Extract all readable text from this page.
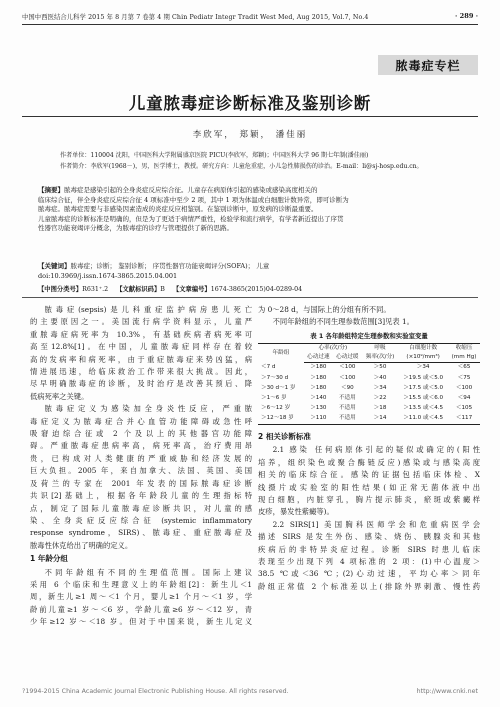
中国中西医结合儿科学 2015 年 8 月第 7 卷第 4 期 Chin Pediatr Integr Tradit West Med, Aug 2015, Vol.7, No.4	· 289 ·
脓毒症专栏
儿童脓毒症诊断标准及鉴别诊断
李欣军， 郑颖， 潘佳丽
作者单位：110004 沈阳，中国医科大学附属盛京医院 PICU(李欣军，郑颖)；中国医科大学 96 期七年制(潘佳丽)
作者简介：李欣军(1968－)，男，医学博士，教授。研究方向：儿童危重症，小儿急性肺损伤的诊治。E-mail：li@sj-hosp.edu.cn。
【摘要】脓毒症是感染引起的全身炎症反应综合征。儿童存在病原体引起的感染或感染高度相关的
临床综合征，伴全身炎症反应综合征 4 项标准中至少 2 项，其中 1 项为体温或白细胞计数异常，即可诊断为
脓毒症。脓毒症需要与非感染因素造成的炎症反应相鉴别。在鉴别诊断中，原发病的诊断最重要。
儿童脓毒症的诊断标准是明确的，但是为了更适于病情严重性，检验学和流行病学，有学者新近提出了序贯
性器官功能衰竭评分概念，为脓毒症的诊疗与管理提供了新的思路。
【关键词】脓毒症；诊断； 鉴别诊断； 序贯性器官功能衰竭评分(SOFA)； 儿童
doi:10.3969/j.issn.1674-3865.2015.04.001
【中图分类号】R631⁺.2 【文献标识码】B 【文章编号】1674-3865(2015)04-0289-04
脓毒症(sepsis)是儿科重症监护病房患儿死亡
的主要原因之一。美国流行病学资料显示，儿童严
重脓毒症病死率为 10.3%，有基础疾病者病死率可
高至12.8%[1]。在中国，儿童脓毒症同样存在着较
高的发病率和病死率，由于重症脓毒症来势凶猛，病
情进展迅速，给临床救治工作带来很大挑战。因此，
尽早明确脓毒症的诊断，及时治疗是改善其预后、降
低病死率之关键。
脓毒症定义为感染加全身炎性反应，严重脓
毒症定义为脓毒症合并心血管功能障碍或急性呼
吸窘迫综合征或 2 个及以上的其他器官功能障
碍。严重脓毒症患病率高，病死率高，治疗费用昂
贵，已构成对人类健康的严重威胁和经济发展的
巨大负担。2005 年，来自加拿大、法国、英国、美国
及荷兰的专家在 2001 年发表的国际脓毒症诊断
共识[2]基础上，根据各年龄段儿童的生理指标特
点，制定了国际儿童脓毒症诊断共识，对儿童的感
染、全身炎症反应综合征 (systemic inflammatory
response syndrome，SIRS)、脓毒症、重症脓毒症及
脓毒性休克给出了明确的定义。
1 年龄分组
不同年龄组有不同的生理值范围。国际上建议
采用 6 个临床和生理意义上的年龄组[2]：新生儿＜1
周，新生儿≥1 周～＜1 个月，婴儿≥1 个月～＜1 岁，学
龄前儿童≥1 岁～＜6 岁，学龄儿童≥6 岁～＜12 岁，青
少年≥12 岁～＜18 岁。但对于中国来说，新生儿定义
为 0～28 d，与国际上的分组有所不同。
不同年龄组的不同生理参数范围[3]见表 1。
表 1 各年龄组特定生理参数和实验室变量
年龄组	心率(次/分)		呼吸	白细胞计数	收缩压
	心动过速	心动过缓	频率(次/分)	(×10⁹/mm³)	(mm Hg)
＜7 d	＞180	＜100	＞50	＞34	＜65
＞7～30 d	＞180	＜100	＞40	＞19.5 或＜5.0	＜75
＞30 d～1 岁	＞180	＜90	＞34	＞17.5 或＜5.0	＜100
＞1～6 岁	＞140	不适用	＞22	＞15.5 或＜6.0	＜94
＞6～12 岁	＞130	不适用	＞18	＞13.5 或＜4.5	＜105
＞12～18 岁	＞110	不适用	＞14	＞11.0 或＜4.5	＜117
2 相关诊断标准
2.1 感染 任何病原体引起的疑似或确定的(阳性
培养，组织染色或聚合酶链反应)感染或与感染高度
相关的临床综合征。感染的证据包括临床体检、X
线摄片或实验室的阳性结果(如正常无菌体液中出
现白细胞，内脏穿孔，胸片提示肺炎，瘀斑或紫癜样
皮疹，暴发性紫癜等)。
2.2 SIRS[1] 美国胸科医师学会和危重病医学会
描述 SIRS 是发生外伤、感染、烧伤、胰腺炎和其他
疾病后的非特异炎症过程。诊断 SIRS 时患儿临床
表现至少出现下列 4 项标准的 2 项：(1)中心温度＞
38.5 ℃或＜36 ℃；(2)心动过速，平均心率＞同年
龄组正常值 2 个标准差以上(排除外界刺激、慢性药
?1994-2015 China Academic Journal Electronic Publishing House. All rights reserved.	http://www.cnki.net
